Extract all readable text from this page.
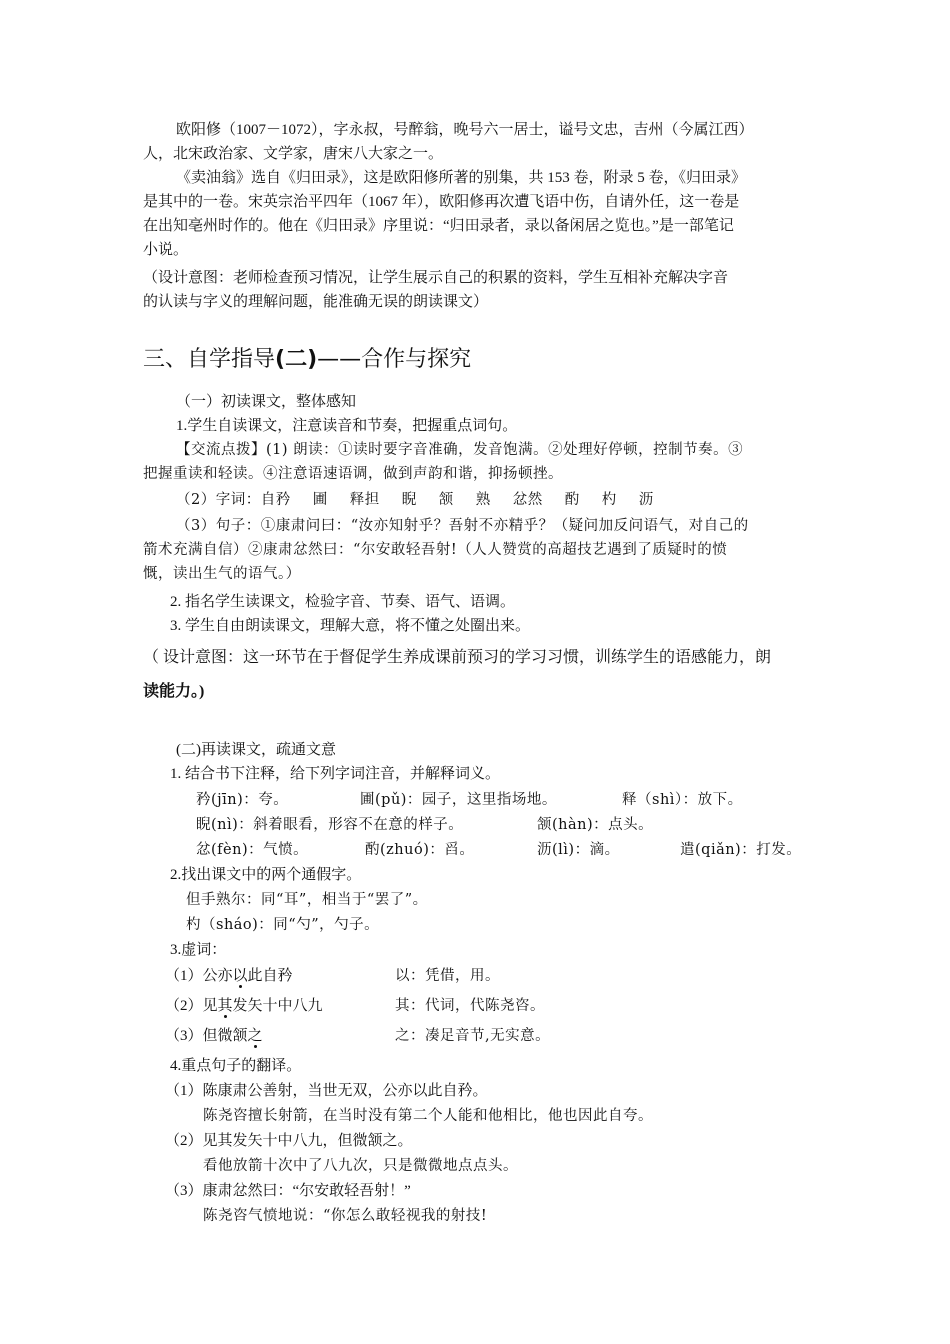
欧阳修（1007－1072），字永叔，号醉翁，晚号六一居士，谥号文忠，吉州（今属江西）
人，北宋政治家、文学家，唐宋八大家之一。
《卖油翁》选自《归田录》，这是欧阳修所著的别集，共 153 卷，附录 5 卷，《归田录》
是其中的一卷。宋英宗治平四年（1067 年），欧阳修再次遭飞语中伤，自请外任，这一卷是
在出知亳州时作的。他在《归田录》序里说：“归田录者，录以备闲居之览也。”是一部笔记
小说。
（设计意图：老师检查预习情况，让学生展示自己的积累的资料，学生互相补充解决字音
的认读与字义的理解问题，能准确无误的朗读课文）
三、自学指导(二)——合作与探究
（一）初读课文，整体感知
1.学生自读课文，注意读音和节奏，把握重点词句。
【交流点拨】(1) 朗读：①读时要字音准确，发音饱满。②处理好停顿，控制节奏。③
把握重读和轻读。④注意语速语调，做到声韵和谐，抑扬顿挫。
（2）字词：自矜 圃 释担 睨 颔 熟 忿然 酌 杓 沥
（3）句子：①康肃问曰：“汝亦知射乎？吾射不亦精乎？（疑问加反问语气，对自己的
箭术充满自信）②康肃忿然曰：“尔安敢轻吾射!（人人赞赏的高超技艺遇到了质疑时的愤
慨，读出生气的语气。）
2. 指名学生读课文，检验字音、节奏、语气、语调。
3. 学生自由朗读课文，理解大意，将不懂之处圈出来。
（ 设计意图：这一环节在于督促学生养成课前预习的学习习惯，训练学生的语感能力，朗
读能力。)
(二)再读课文，疏通文意
1. 结合书下注释，给下列字词注音，并解释词义。
矜(jīn)：夸。	圃(pǔ)：园子，这里指场地。	释（shì）：放下。
睨(nì)：斜着眼看，形容不在意的样子。	颔(hàn)：点头。
忿(fèn)：气愤。	酌(zhuó)：舀。	沥(lì)：滴。	遣(qiǎn)：打发。
2.找出课文中的两个通假字。
但手熟尔：同“耳”，相当于“罢了”。
杓（sháo)：同“勺”，勺子。
3.虚词：
（1）公亦以此自矜	以：凭借，用。
（2）见其发矢十中八九	其：代词，代陈尧咨。
（3）但微颔之	之：凑足音节,无实意。
4.重点句子的翻译。
（1）陈康肃公善射，当世无双，公亦以此自矜。
陈尧咨擅长射箭，在当时没有第二个人能和他相比，他也因此自夸。
（2）见其发矢十中八九，但微颔之。
看他放箭十次中了八九次，只是微微地点点头。
（3）康肃忿然曰：“尔安敢轻吾射！”
陈尧咨气愤地说：“你怎么敢轻视我的射技!
